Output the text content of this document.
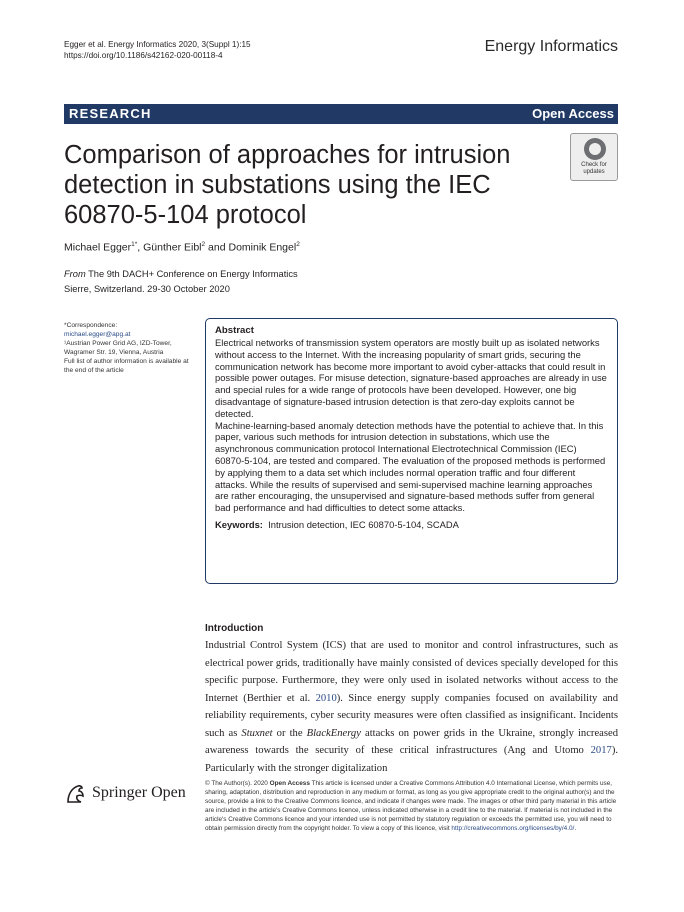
Egger et al. Energy Informatics 2020, 3(Suppl 1):15
https://doi.org/10.1186/s42162-020-00118-4
Energy Informatics
RESEARCH	Open Access
Comparison of approaches for intrusion detection in substations using the IEC 60870-5-104 protocol
Check for
updates
Michael Egger$^{1*}$, Günther Eibl$^2$ and Dominik Engel$^2$
From The 9th DACH+ Conference on Energy Informatics
Sierre, Switzerland. 29-30 October 2020
*Correspondence:
michael.egger@apg.at
¹Austrian Power Grid AG, IZD-Tower, Wagramer Str. 19, Vienna, Austria
Full list of author information is available at the end of the article
Abstract

Electrical networks of transmission system operators are mostly built up as isolated networks without access to the Internet. With the increasing popularity of smart grids, securing the communication network has become more important to avoid cyber-attacks that could result in possible power outages. For misuse detection, signature-based approaches are already in use and special rules for a wide range of protocols have been developed. However, one big disadvantage of signature-based intrusion detection is that zero-day exploits cannot be detected.

Machine-learning-based anomaly detection methods have the potential to achieve that. In this paper, various such methods for intrusion detection in substations, which use the asynchronous communication protocol International Electrotechnical Commission (IEC) 60870-5-104, are tested and compared. The evaluation of the proposed methods is performed by applying them to a data set which includes normal operation traffic and four different attacks. While the results of supervised and semi-supervised machine learning approaches are rather encouraging, the unsupervised and signature-based methods suffer from general bad performance and had difficulties to detect some attacks.

Keywords: Intrusion detection, IEC 60870-5-104, SCADA
Introduction
Industrial Control System (ICS) that are used to monitor and control infrastructures, such as electrical power grids, traditionally have mainly consisted of devices specially developed for this specific purpose. Furthermore, they were only used in isolated networks without access to the Internet (Berthier et al. 2010). Since energy supply companies focused on availability and reliability requirements, cyber security measures were often classified as insignificant. Incidents such as Stuxnet or the BlackEnergy attacks on power grids in the Ukraine, strongly increased awareness towards the security of these critical infrastructures (Ang and Utomo 2017). Particularly with the stronger digitalization
Springer Open
© The Author(s). 2020 Open Access This article is licensed under a Creative Commons Attribution 4.0 International License, which permits use, sharing, adaptation, distribution and reproduction in any medium or format, as long as you give appropriate credit to the original author(s) and the source, provide a link to the Creative Commons licence, and indicate if changes were made. The images or other third party material in this article are included in the article's Creative Commons licence, unless indicated otherwise in a credit line to the material. If material is not included in the article's Creative Commons licence and your intended use is not permitted by statutory regulation or exceeds the permitted use, you will need to obtain permission directly from the copyright holder. To view a copy of this licence, visit http://creativecommons.org/licenses/by/4.0/.
